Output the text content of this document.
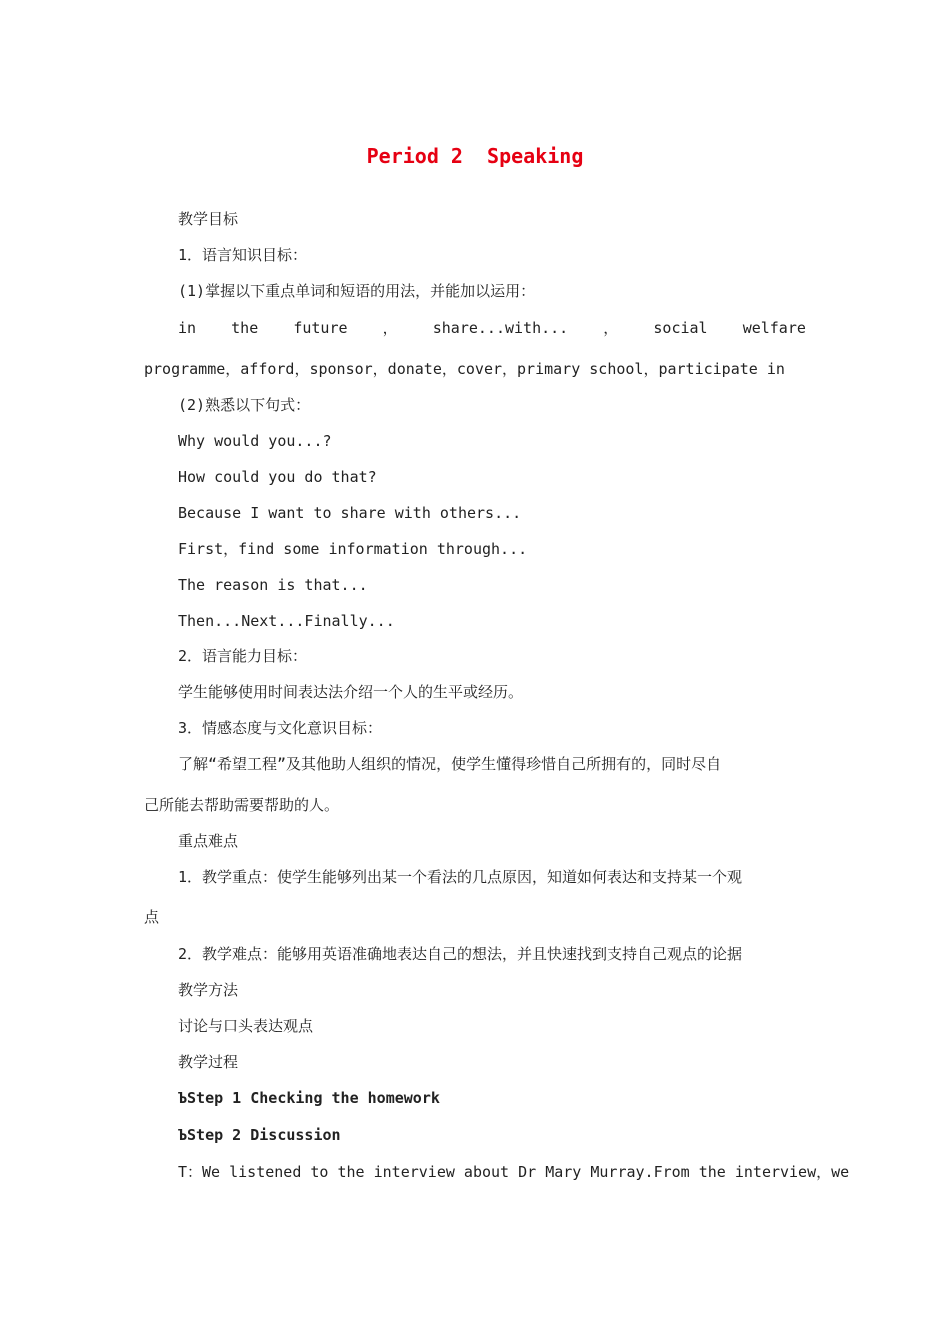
Period 2  Speaking
教学目标
1．语言知识目标：
(1)掌握以下重点单词和短语的用法，并能加以运用：
in the future ， share...with... ， social welfare
programme，afford，sponsor，donate，cover，primary school，participate in
(2)熟悉以下句式：
Why would you...?
How could you do that?
Because I want to share with others...
First，find some information through...
The reason is that...
Then...Next...Finally...
2．语言能力目标：
学生能够使用时间表达法介绍一个人的生平或经历。
3．情感态度与文化意识目标：
了解“希望工程”及其他助人组织的情况，使学生懂得珍惜自己所拥有的，同时尽自
己所能去帮助需要帮助的人。
重点难点
1．教学重点：使学生能够列出某一个看法的几点原因，知道如何表达和支持某一个观
点
2．教学难点：能够用英语准确地表达自己的想法，并且快速找到支持自己观点的论据
教学方法
讨论与口头表达观点
教学过程
ЪStep 1 Checking the homework
ЪStep 2 Discussion
T：We listened to the interview about Dr Mary Murray.From the interview，we
